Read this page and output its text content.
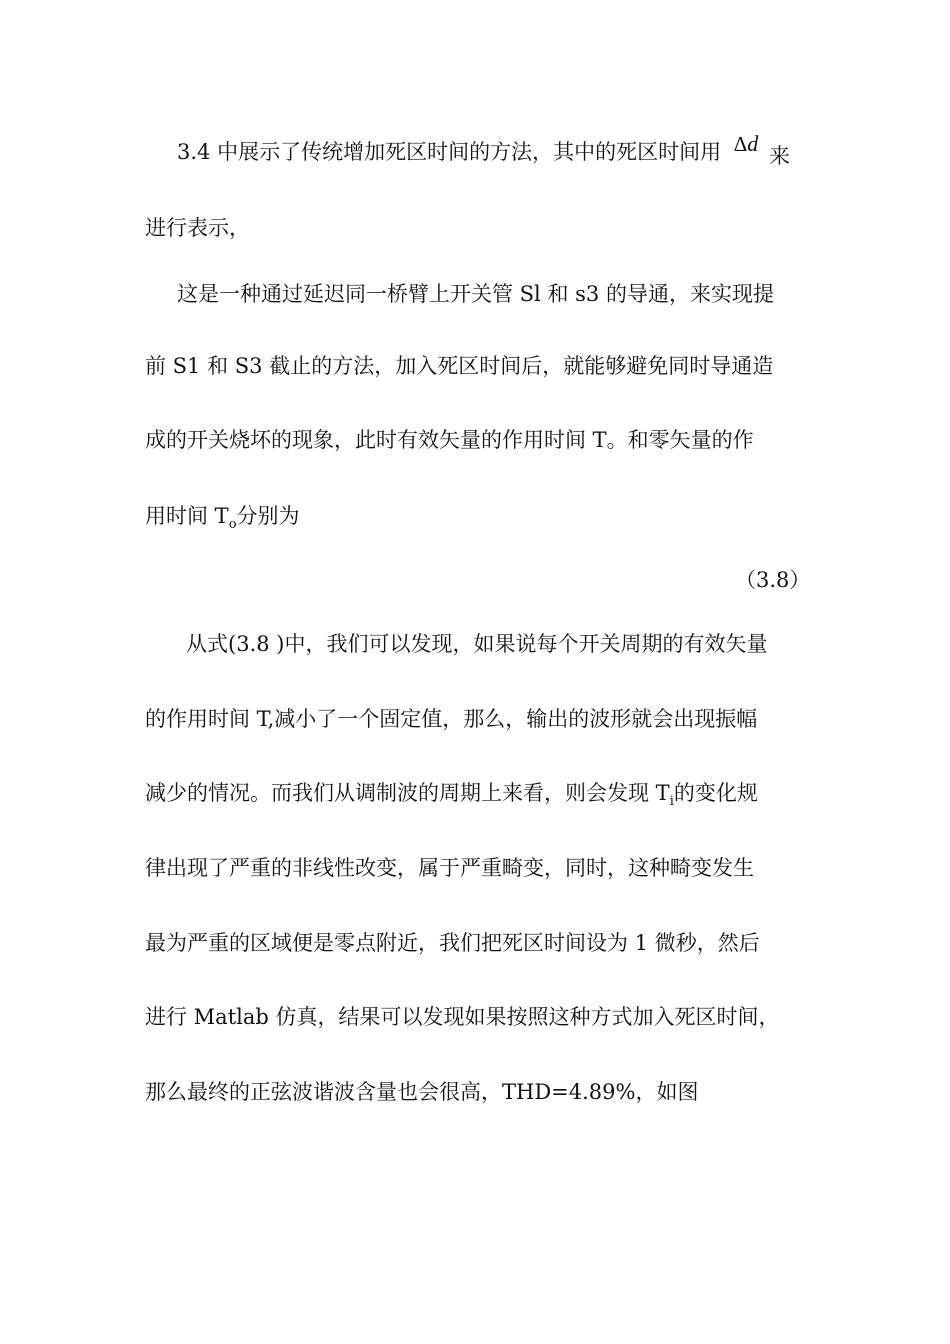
3.4 中展示了传统增加死区时间的方法，其中的死区时间用 Δd 来
进行表示，
这是一种通过延迟同一桥臂上开关管 Sl 和 s3 的导通，来实现提
前 S1 和 S3 截止的方法，加入死区时间后，就能够避免同时导通造
成的开关烧坏的现象，此时有效矢量的作用时间 T。和零矢量的作
用时间 $T_o$分别为
（3.8）
从式(3.8 )中，我们可以发现，如果说每个开关周期的有效矢量
的作用时间 T,减小了一个固定值，那么，输出的波形就会出现振幅
减少的情况。而我们从调制波的周期上来看，则会发现 $T_i$的变化规
律出现了严重的非线性改变，属于严重畸变，同时，这种畸变发生
最为严重的区域便是零点附近，我们把死区时间设为 1 微秒，然后
进行 Matlab 仿真，结果可以发现如果按照这种方式加入死区时间，
那么最终的正弦波谐波含量也会很高，THD=4.89%，如图
